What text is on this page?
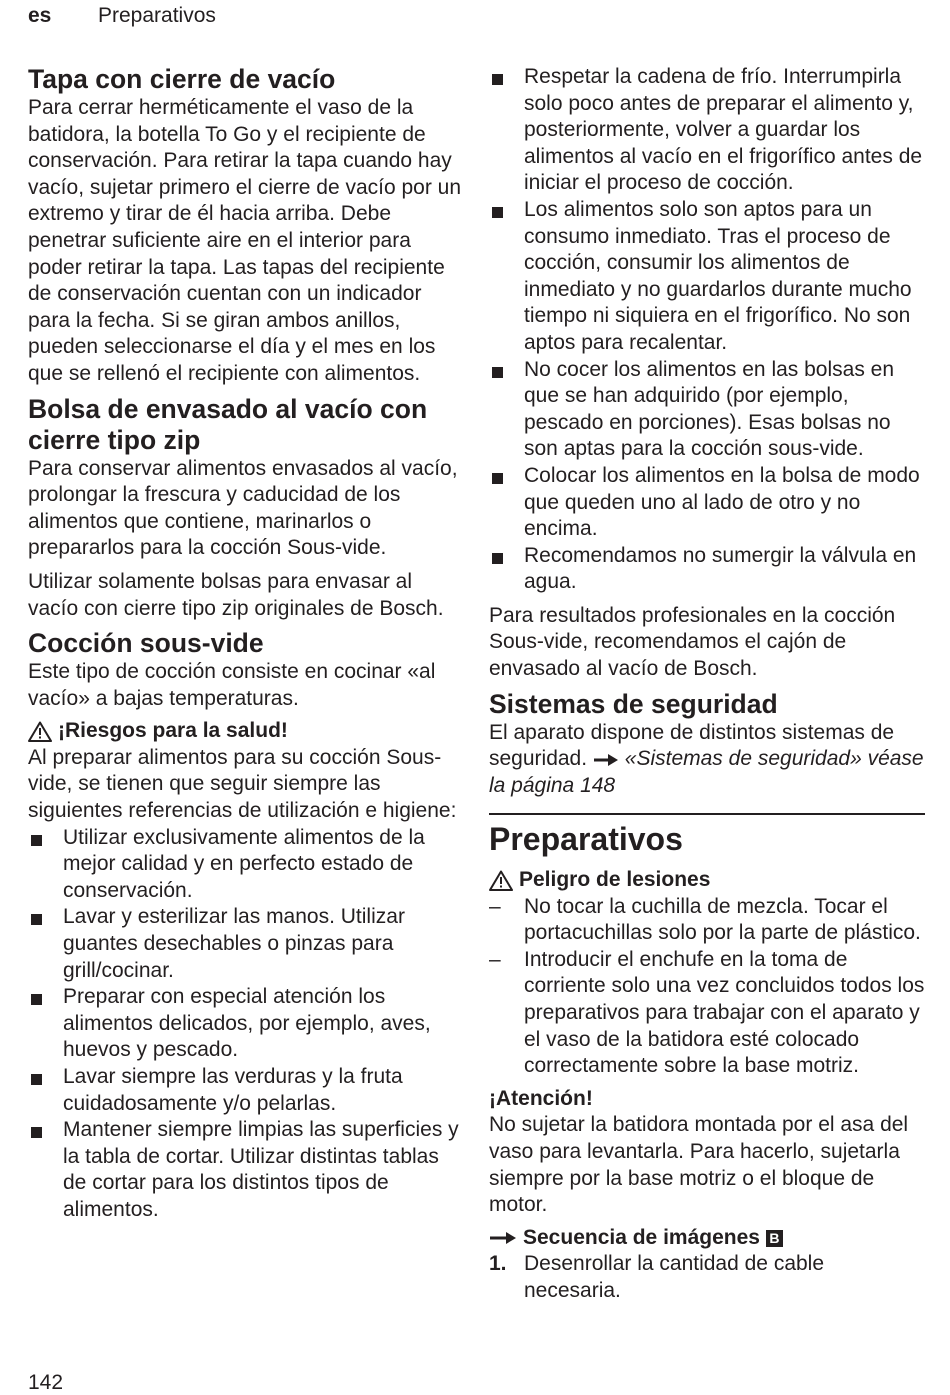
es Preparativos
Tapa con cierre de vacío

Para cerrar herméticamente el vaso de la batidora, la botella To Go y el recipiente de conservación. Para retirar la tapa cuando hay vacío, sujetar primero el cierre de vacío por un extremo y tirar de él hacia arriba. Debe penetrar suficiente aire en el interior para poder retirar la tapa. Las tapas del recipiente de conservación cuentan con un indicador para la fecha. Si se giran ambos anillos, pueden seleccionarse el día y el mes en los que se rellenó el recipiente con alimentos.

Bolsa de envasado al vacío con cierre tipo zip

Para conservar alimentos envasados al vacío, prolongar la frescura y caducidad de los alimentos que contiene, marinarlos o prepararlos para la cocción Sous-vide.

Utilizar solamente bolsas para envasar al vacío con cierre tipo zip originales de Bosch.

Cocción sous-vide

Este tipo de cocción consiste en cocinar «al vacío» a bajas temperaturas.

¡Riesgos para la salud!

Al preparar alimentos para su cocción Sous-vide, se tienen que seguir siempre las siguientes referencias de utilización e higiene:

Utilizar exclusivamente alimentos de la mejor calidad y en perfecto estado de conservación.
Lavar y esterilizar las manos. Utilizar guantes desechables o pinzas para grill/cocinar.
Preparar con especial atención los alimentos delicados, por ejemplo, aves, huevos y pescado.
Lavar siempre las verduras y la fruta cuidadosamente y/o pelarlas.
Mantener siempre limpias las superficies y la tabla de cortar. Utilizar distintas tablas de cortar para los distintos tipos de alimentos.
Respetar la cadena de frío. Interrumpirla solo poco antes de preparar el alimento y, posteriormente, volver a guardar los alimentos al vacío en el frigorífico antes de iniciar el proceso de cocción.
Los alimentos solo son aptos para un consumo inmediato. Tras el proceso de cocción, consumir los alimentos de inmediato y no guardarlos durante mucho tiempo ni siquiera en el frigorífico. No son aptos para recalentar.
No cocer los alimentos en las bolsas en que se han adquirido (por ejemplo, pescado en porciones). Esas bolsas no son aptas para la cocción sous-vide.
Colocar los alimentos en la bolsa de modo que queden uno al lado de otro y no encima.
Recomendamos no sumergir la válvula en agua.

Para resultados profesionales en la cocción Sous-vide, recomendamos el cajón de envasado al vacío de Bosch.

Sistemas de seguridad

El aparato dispone de distintos sistemas de seguridad. «Sistemas de seguridad» véase la página 148

Preparativos
Peligro de lesiones
– No tocar la cuchilla de mezcla. Tocar el portacuchillas solo por la parte de plástico.
– Introducir el enchufe en la toma de corriente solo una vez concluidos todos los preparativos para trabajar con el aparato y el vaso de la batidora esté colocado correctamente sobre la base motriz.
¡Atención!

No sujetar la batidora montada por el asa del vaso para levantarla. Para hacerlo, sujetarla siempre por la base motriz o el bloque de motor.

Secuencia de imágenes B
1. Desenrollar la cantidad de cable necesaria.
142
